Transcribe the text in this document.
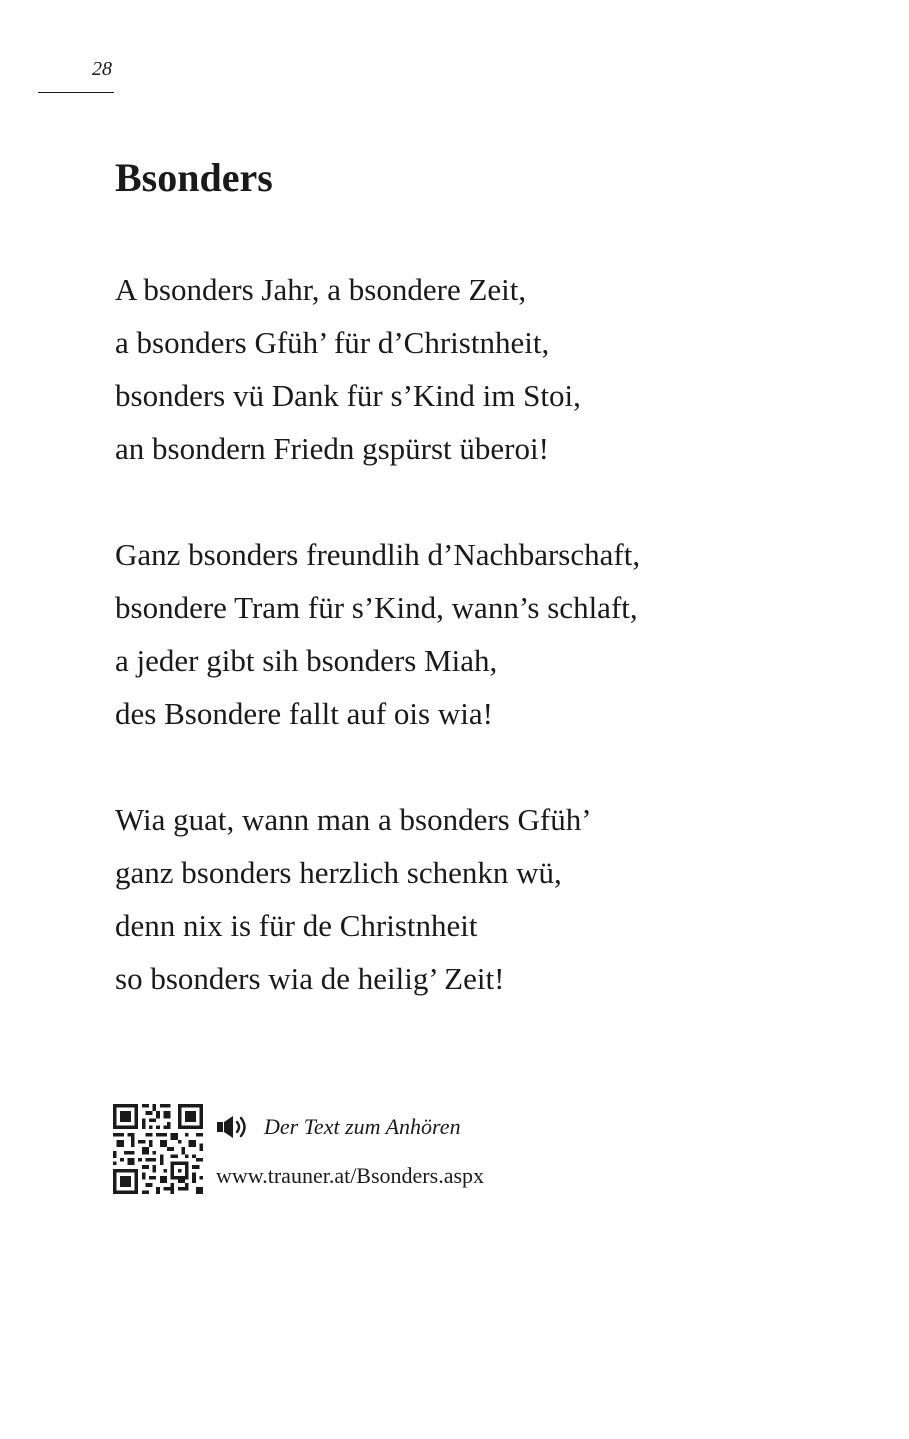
28
Bsonders
A bsonders Jahr, a bsondere Zeit,
a bsonders Gfüh’ für d’Christnheit,
bsonders vü Dank für s’Kind im Stoi,
an bsondern Friedn gspürst überoi!
Ganz bsonders freundlih d’Nachbarschaft,
bsondere Tram für s’Kind, wann’s schlaft,
a jeder gibt sih bsonders Miah,
des Bsondere fallt auf ois wia!
Wia guat, wann man a bsonders Gfüh’
ganz bsonders herzlich schenkn wü,
denn nix is für de Christnheit
so bsonders wia de heilig’ Zeit!
Der Text zum Anhören
www.trauner.at/Bsonders.aspx
